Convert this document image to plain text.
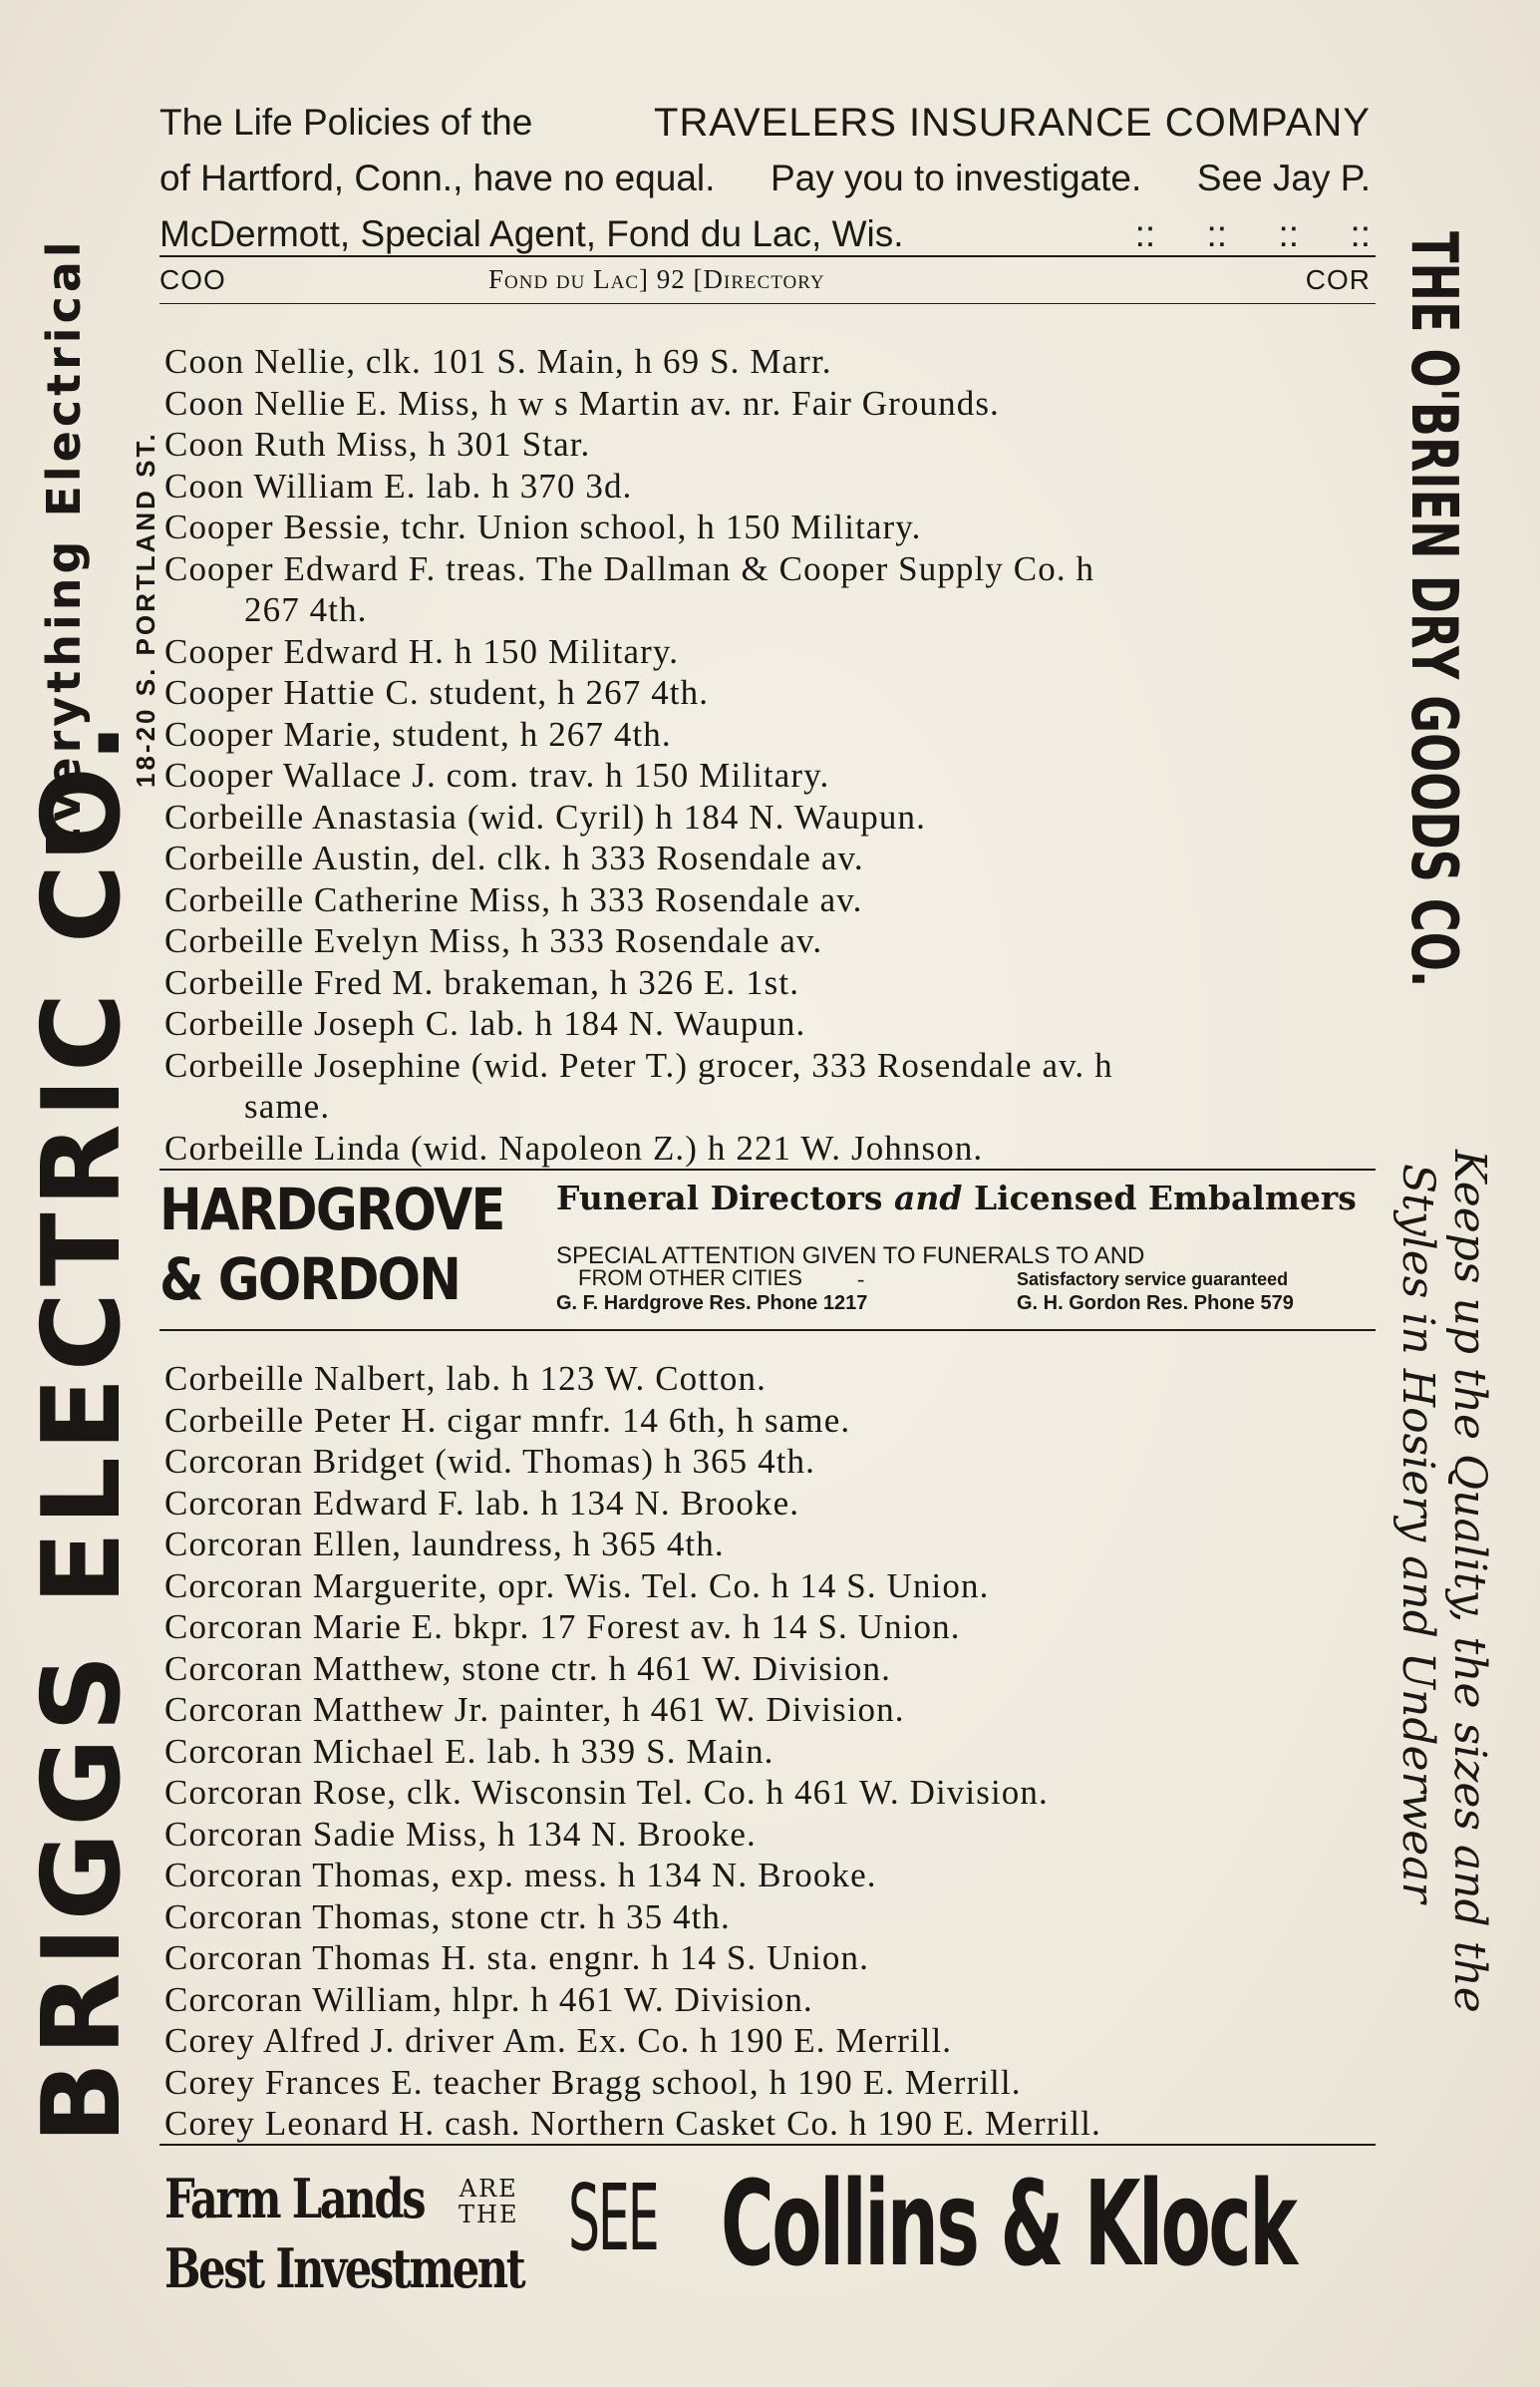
The Life Policies of the	TRAVELERS INSURANCE COMPANY
of Hartford, Conn., have no equal. Pay you to investigate. See Jay P.
McDermott, Special Agent, Fond du Lac, Wis.	::     ::     ::     ::
COO	Fond du Lac] 92 [Directory	COR
Coon Nellie, clk. 101 S. Main, h 69 S. Marr.
Coon Nellie E. Miss, h w s Martin av. nr. Fair Grounds.
Coon Ruth Miss, h 301 Star.
Coon William E. lab. h 370 3d.
Cooper Bessie, tchr. Union school, h 150 Military.
Cooper Edward F. treas. The Dallman & Cooper Supply Co. h
267 4th.
Cooper Edward H. h 150 Military.
Cooper Hattie C. student, h 267 4th.
Cooper Marie, student, h 267 4th.
Cooper Wallace J. com. trav. h 150 Military.
Corbeille Anastasia (wid. Cyril) h 184 N. Waupun.
Corbeille Austin, del. clk. h 333 Rosendale av.
Corbeille Catherine Miss, h 333 Rosendale av.
Corbeille Evelyn Miss, h 333 Rosendale av.
Corbeille Fred M. brakeman, h 326 E. 1st.
Corbeille Joseph C. lab. h 184 N. Waupun.
Corbeille Josephine (wid. Peter T.) grocer, 333 Rosendale av. h
same.
Corbeille Linda (wid. Napoleon Z.) h 221 W. Johnson.
HARDGROVE
& GORDON
Funeral Directors and Licensed Embalmers
SPECIAL ATTENTION GIVEN TO FUNERALS TO AND
FROM OTHER CITIES	-	Satisfactory service guaranteed
G. F. Hardgrove Res. Phone 1217	G. H. Gordon Res. Phone 579
Corbeille Nalbert, lab. h 123 W. Cotton.
Corbeille Peter H. cigar mnfr. 14 6th, h same.
Corcoran Bridget (wid. Thomas) h 365 4th.
Corcoran Edward F. lab. h 134 N. Brooke.
Corcoran Ellen, laundress, h 365 4th.
Corcoran Marguerite, opr. Wis. Tel. Co. h 14 S. Union.
Corcoran Marie E. bkpr. 17 Forest av. h 14 S. Union.
Corcoran Matthew, stone ctr. h 461 W. Division.
Corcoran Matthew Jr. painter, h 461 W. Division.
Corcoran Michael E. lab. h 339 S. Main.
Corcoran Rose, clk. Wisconsin Tel. Co. h 461 W. Division.
Corcoran Sadie Miss, h 134 N. Brooke.
Corcoran Thomas, exp. mess. h 134 N. Brooke.
Corcoran Thomas, stone ctr. h 35 4th.
Corcoran Thomas H. sta. engnr. h 14 S. Union.
Corcoran William, hlpr. h 461 W. Division.
Corey Alfred J. driver Am. Ex. Co. h 190 E. Merrill.
Corey Frances E. teacher Bragg school, h 190 E. Merrill.
Corey Leonard H. cash. Northern Casket Co. h 190 E. Merrill.
Farm Lands
Best Investment
ARE
THE SEE Collins & Klock
BRIGGS ELECTRIC CO.
Everything Electrical 18-20 S. PORTLAND ST.	THE O'BRIEN DRY GOODS CO.
Keeps up the Quality, the sizes and the
Styles in Hosiery and Underwear
